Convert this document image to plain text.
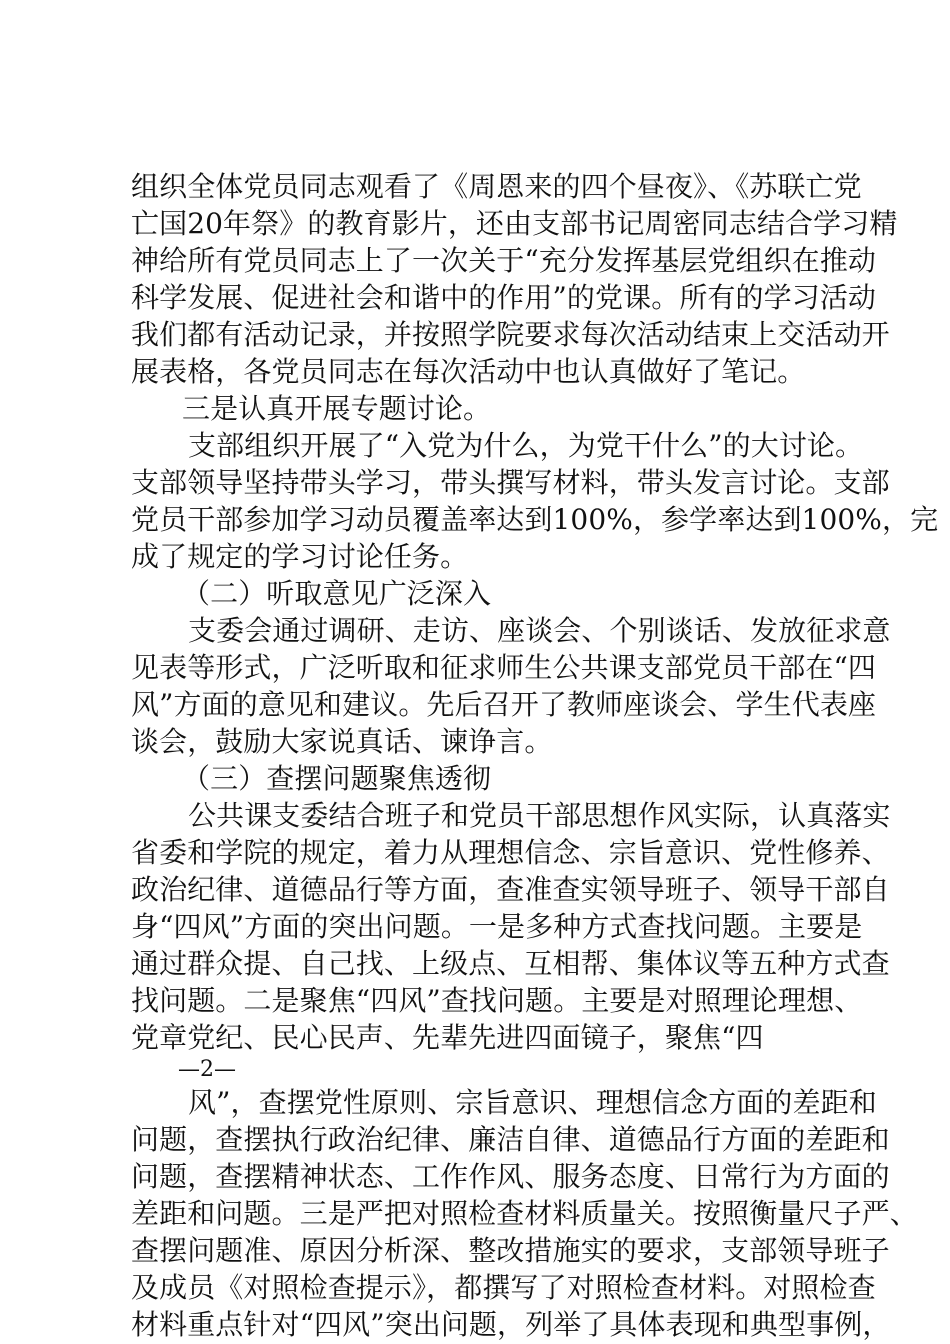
组织全体党员同志观看了《周恩来的四个昼夜》、《苏联亡党
亡国20年祭》的教育影片，还由支部书记周密同志结合学习精
神给所有党员同志上了一次关于“充分发挥基层党组织在推动
科学发展、促进社会和谐中的作用”的党课。所有的学习活动
我们都有活动记录，并按照学院要求每次活动结束上交活动开
展表格，各党员同志在每次活动中也认真做好了笔记。
三是认真开展专题讨论。
支部组织开展了“入党为什么，为党干什么”的大讨论。
支部领导坚持带头学习，带头撰写材料，带头发言讨论。支部
党员干部参加学习动员覆盖率达到100%，参学率达到100%，完
成了规定的学习讨论任务。
（二）听取意见广泛深入
支委会通过调研、走访、座谈会、个别谈话、发放征求意
见表等形式，广泛听取和征求师生公共课支部党员干部在“四
风”方面的意见和建议。先后召开了教师座谈会、学生代表座
谈会，鼓励大家说真话、谏诤言。
（三）查摆问题聚焦透彻
公共课支委结合班子和党员干部思想作风实际，认真落实
省委和学院的规定，着力从理想信念、宗旨意识、党性修养、
政治纪律、道德品行等方面，查准查实领导班子、领导干部自
身“四风”方面的突出问题。一是多种方式查找问题。主要是
通过群众提、自己找、上级点、互相帮、集体议等五种方式查
找问题。二是聚焦“四风”查找问题。主要是对照理论理想、
党章党纪、民心民声、先辈先进四面镜子，聚焦“四
—2—
风”，查摆党性原则、宗旨意识、理想信念方面的差距和
问题，查摆执行政治纪律、廉洁自律、道德品行方面的差距和
问题，查摆精神状态、工作作风、服务态度、日常行为方面的
差距和问题。三是严把对照检查材料质量关。按照衡量尺子严、
查摆问题准、原因分析深、整改措施实的要求，支部领导班子
及成员《对照检查提示》，都撰写了对照检查材料。对照检查
材料重点针对“四风”突出问题，列举了具体表现和典型事例，
